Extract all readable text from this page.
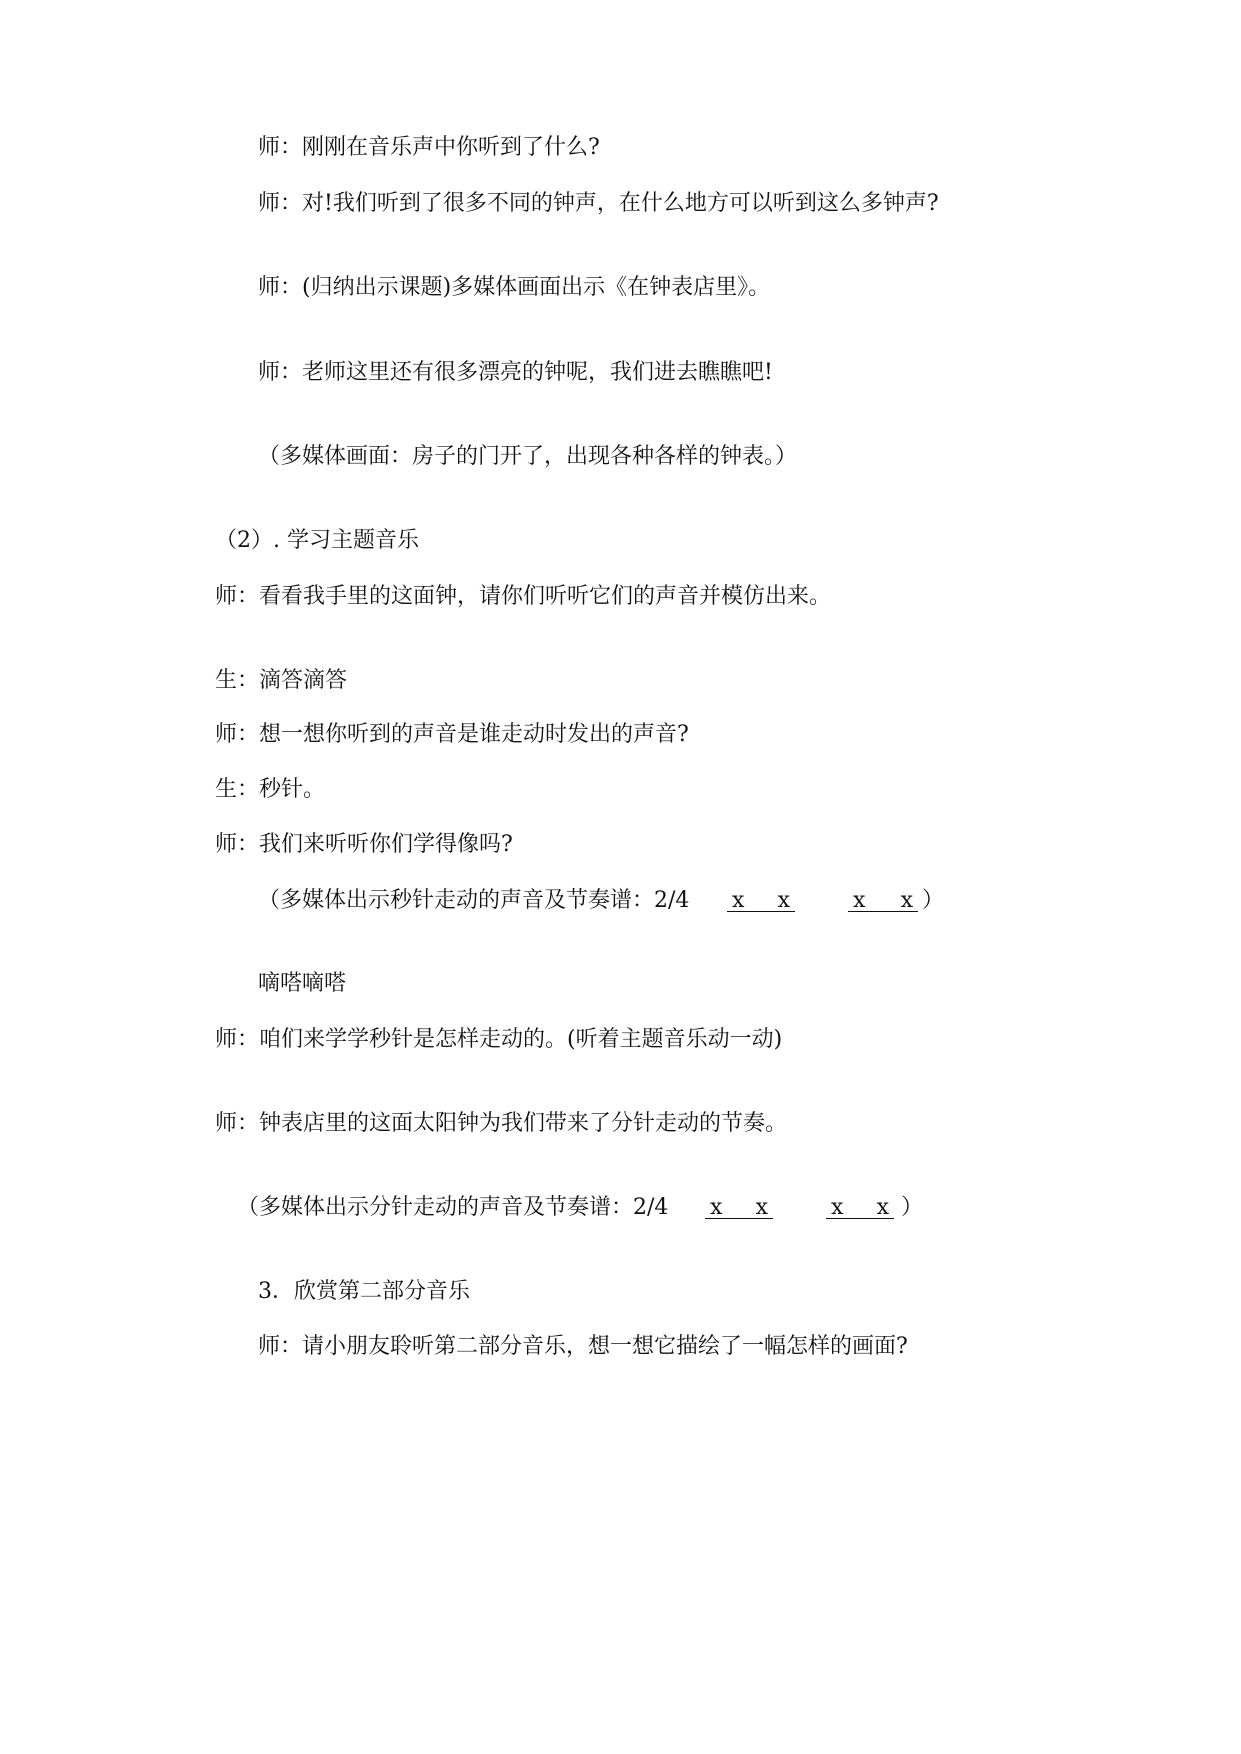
师：刚刚在音乐声中你听到了什么?
师：对!我们听到了很多不同的钟声，在什么地方可以听到这么多钟声?
师：(归纳出示课题)多媒体画面出示《在钟表店里》。
师：老师这里还有很多漂亮的钟呢，我们进去瞧瞧吧!
（多媒体画面：房子的门开了，出现各种各样的钟表。）
（2）. 学习主题音乐
师：看看我手里的这面钟，请你们听听它们的声音并模仿出来。
生：滴答滴答
师：想一想你听到的声音是谁走动时发出的声音?
生：秒针。
师：我们来听听你们学得像吗?
（多媒体出示秒针走动的声音及节奏谱：2/4 x x	x x ）
嘀嗒嘀嗒
师：咱们来学学秒针是怎样走动的。(听着主题音乐动一动)
师：钟表店里的这面太阳钟为我们带来了分针走动的节奏。
（多媒体出示分针走动的声音及节奏谱：2/4 x x	x x ）
3．欣赏第二部分音乐
师：请小朋友聆听第二部分音乐，想一想它描绘了一幅怎样的画面?
